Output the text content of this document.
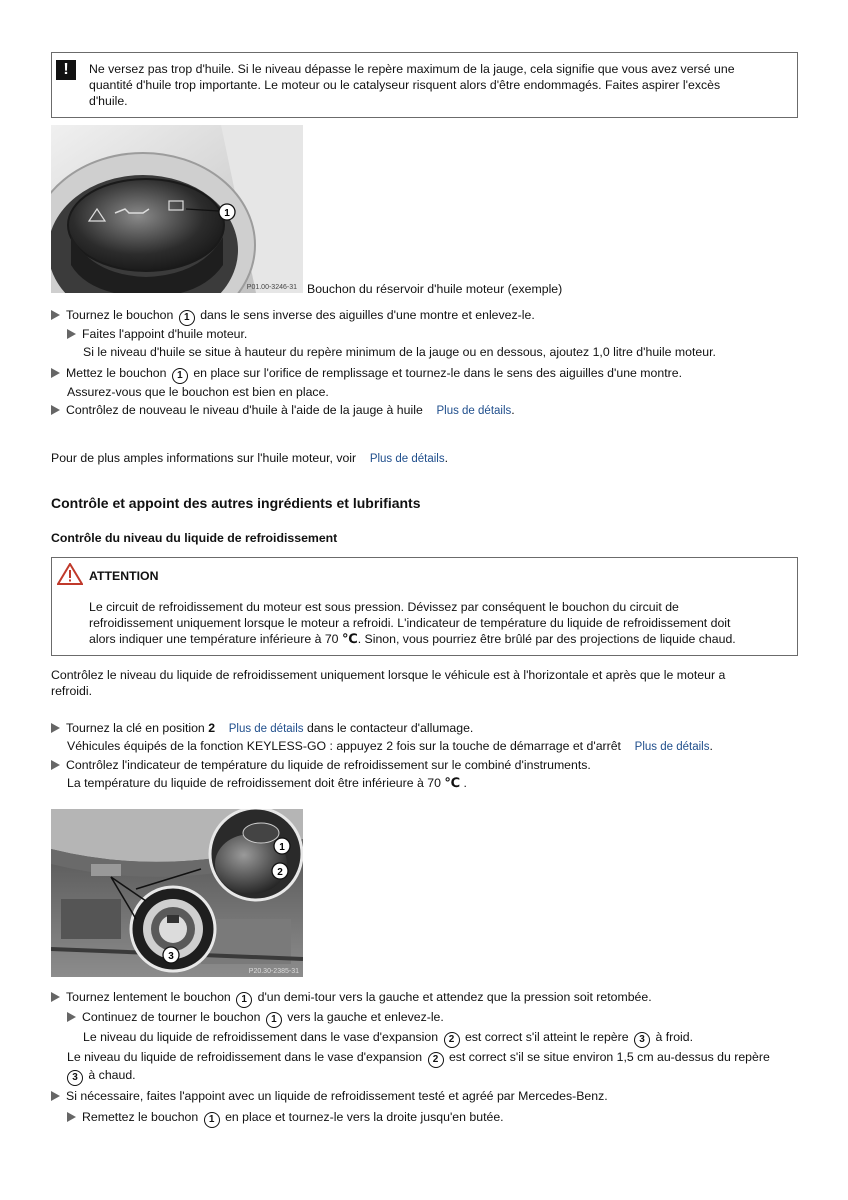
!	Ne versez pas trop d'huile. Si le niveau dépasse le repère maximum de la jauge, cela signifie que vous avez versé une
quantité d'huile trop importante. Le moteur ou le catalyseur risquent alors d'être endommagés. Faites aspirer l'excès
d'huile.
1
P01.00-3246-31 Bouchon du réservoir d'huile moteur (exemple)
Tournez le bouchon 1 dans le sens inverse des aiguilles d'une montre et enlevez-le.
Faites l'appoint d'huile moteur.
Si le niveau d'huile se situe à hauteur du repère minimum de la jauge ou en dessous, ajoutez 1,0 litre d'huile moteur.
Mettez le bouchon 1 en place sur l'orifice de remplissage et tournez-le dans le sens des aiguilles d'une montre.
Assurez-vous que le bouchon est bien en place.
Contrôlez de nouveau le niveau d'huile à l'aide de la jauge à huile Plus de détails.
Pour de plus amples informations sur l'huile moteur, voir Plus de détails.
Contrôle et appoint des autres ingrédients et lubrifiants
Contrôle du niveau du liquide de refroidissement
ATTENTION
Le circuit de refroidissement du moteur est sous pression. Dévissez par conséquent le bouchon du circuit de
refroidissement uniquement lorsque le moteur a refroidi. L'indicateur de température du liquide de refroidissement doit
alors indiquer une température inférieure à 70 ℃. Sinon, vous pourriez être brûlé par des projections de liquide chaud.
Contrôlez le niveau du liquide de refroidissement uniquement lorsque le véhicule est à l'horizontale et après que le moteur a
refroidi.
Tournez la clé en position 2 Plus de détails dans le contacteur d'allumage.
Véhicules équipés de la fonction KEYLESS-GO : appuyez 2 fois sur la touche de démarrage et d'arrêt Plus de détails.
Contrôlez l'indicateur de température du liquide de refroidissement sur le combiné d'instruments.
La température du liquide de refroidissement doit être inférieure à 70 ℃ .
1
2
3
P20.30-2385-31
Tournez lentement le bouchon 1 d'un demi-tour vers la gauche et attendez que la pression soit retombée.
Continuez de tourner le bouchon 1 vers la gauche et enlevez-le.
Le niveau du liquide de refroidissement dans le vase d'expansion 2 est correct s'il atteint le repère 3 à froid.
Le niveau du liquide de refroidissement dans le vase d'expansion 2 est correct s'il se situe environ 1,5 cm au-dessus du repère
3 à chaud.
Si nécessaire, faites l'appoint avec un liquide de refroidissement testé et agréé par Mercedes-Benz.
Remettez le bouchon 1 en place et tournez-le vers la droite jusqu'en butée.
